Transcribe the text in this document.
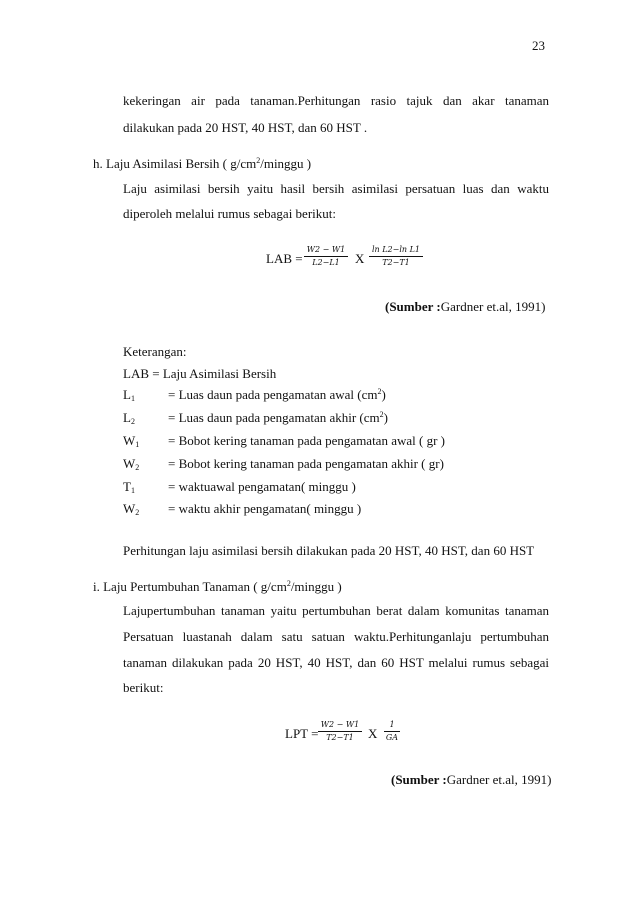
23
kekeringan air pada tanaman.Perhitungan rasio tajuk dan akar tanaman
dilakukan pada 20 HST, 40 HST, dan 60 HST .
h. Laju Asimilasi Bersih ( $g/cm^2$/minggu )
Laju asimilasi bersih yaitu hasil bersih asimilasi persatuan luas dan waktu
diperoleh melalui rumus sebagai berikut:
LAB =
W2 − W1
L2−L1	X
ln L2−ln L1
T2−T1
(Sumber :Gardner et.al, 1991)
Keterangan:
LAB = Laju Asimilasi Bersih
$L_1$	= Luas daun pada pengamatan awal $(cm^2)$
$L_2$	= Luas daun pada pengamatan akhir $(cm^2)$
$W_1$ = Bobot kering tanaman pada pengamatan awal ( gr )
$W_2$ = Bobot kering tanaman pada pengamatan akhir ( gr)
$T_1$	= waktuawal pengamatan( minggu )
$W_2$ = waktu akhir pengamatan( minggu )
Perhitungan laju asimilasi bersih dilakukan pada 20 HST, 40 HST, dan 60 HST
i. Laju Pertumbuhan Tanaman ( $g/cm^2$/minggu )
Lajupertumbuhan tanaman yaitu pertumbuhan berat dalam komunitas tanaman
Persatuan luastanah dalam satu satuan waktu.Perhitunganlaju pertumbuhan
tanaman dilakukan pada 20 HST, 40 HST, dan 60 HST melalui rumus sebagai
berikut:
LPT =
W2 − W1
T2−T1	X
1
GA
(Sumber :Gardner et.al, 1991)
